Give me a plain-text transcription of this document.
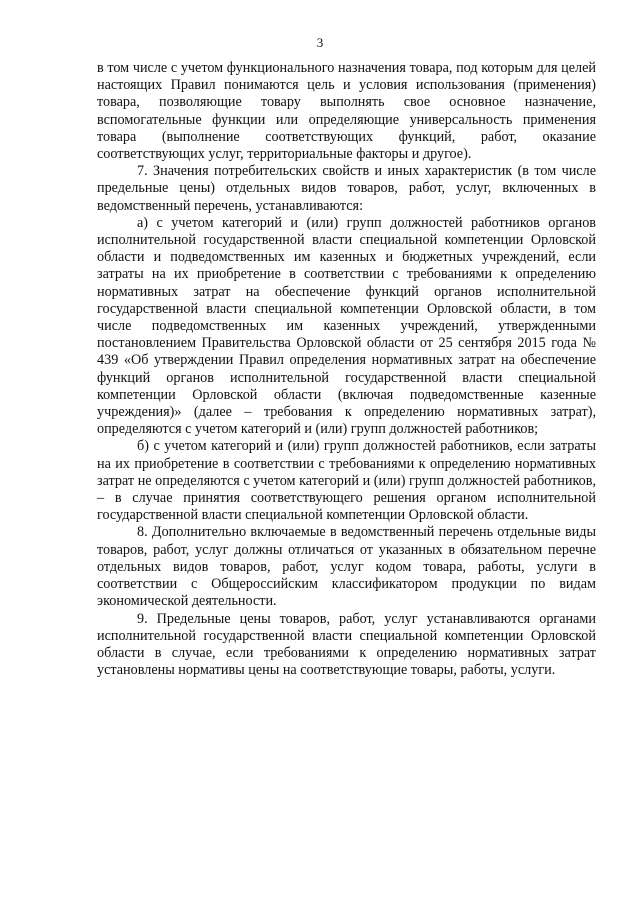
3

в том числе с учетом функционального назначения товара, под которым для целей настоящих Правил понимаются цель и условия использования (применения) товара, позволяющие товару выполнять свое основное назначение, вспомогательные функции или определяющие универсальность применения товара (выполнение соответствующих функций, работ, оказание соответствующих услуг, территориальные факторы и другое).

7. Значения потребительских свойств и иных характеристик (в том числе предельные цены) отдельных видов товаров, работ, услуг, включенных в ведомственный перечень, устанавливаются:

а) с учетом категорий и (или) групп должностей работников органов исполнительной государственной власти специальной компетенции Орловской области и подведомственных им казенных и бюджетных учреждений, если затраты на их приобретение в соответствии с требованиями к определению нормативных затрат на обеспечение функций органов исполнительной государственной власти специальной компетенции Орловской области, в том числе подведомственных им казенных учреждений, утвержденными постановлением Правительства Орловской области от 25 сентября 2015 года № 439 «Об утверждении Правил определения нормативных затрат на обеспечение функций органов исполнительной государственной власти специальной компетенции Орловской области (включая подведомственные казенные учреждения)» (далее – требования к определению нормативных затрат), определяются с учетом категорий и (или) групп должностей работников;

б) с учетом категорий и (или) групп должностей работников, если затраты на их приобретение в соответствии с требованиями к определению нормативных затрат не определяются с учетом категорий и (или) групп должностей работников, – в случае принятия соответствующего решения органом исполнительной государственной власти специальной компетенции Орловской области.

8. Дополнительно включаемые в ведомственный перечень отдельные виды товаров, работ, услуг должны отличаться от указанных в обязательном перечне отдельных видов товаров, работ, услуг кодом товара, работы, услуги в соответствии с Общероссийским классификатором продукции по видам экономической деятельности.

9. Предельные цены товаров, работ, услуг устанавливаются органами исполнительной государственной власти специальной компетенции Орловской области в случае, если требованиями к определению нормативных затрат установлены нормативы цены на соответствующие товары, работы, услуги.
